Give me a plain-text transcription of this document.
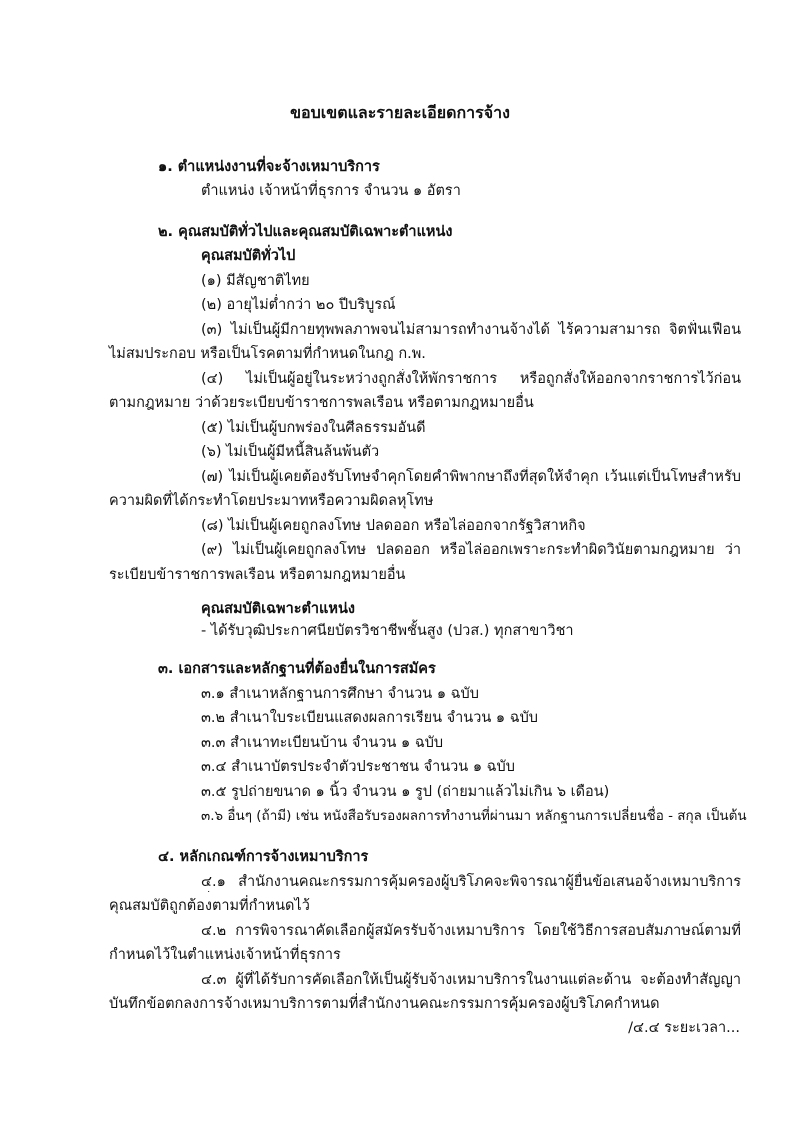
ขอบเขตและรายละเอียดการจ้าง
๑. ตำแหน่งงานที่จะจ้างเหมาบริการ
ตำแหน่ง เจ้าหน้าที่ธุรการ จำนวน ๑ อัตรา
๒. คุณสมบัติทั่วไปและคุณสมบัติเฉพาะตำแหน่ง
คุณสมบัติทั่วไป
(๑) มีสัญชาติไทย
(๒) อายุไม่ต่ำกว่า ๒๐ ปีบริบูรณ์
(๓) ไม่เป็นผู้มีกายทุพพลภาพจนไม่สามารถทำงานจ้างได้ ไร้ความสามารถ จิตฟั่นเฟือน
ไม่สมประกอบ หรือเป็นโรคตามที่กำหนดในกฎ ก.พ.
(๔) ไม่เป็นผู้อยู่ในระหว่างถูกสั่งให้พักราชการ หรือถูกสั่งให้ออกจากราชการไว้ก่อน
ตามกฎหมาย ว่าด้วยระเบียบข้าราชการพลเรือน หรือตามกฎหมายอื่น
(๕) ไม่เป็นผู้บกพร่องในศีลธรรมอันดี
(๖) ไม่เป็นผู้มีหนี้สินล้นพ้นตัว
(๗) ไม่เป็นผู้เคยต้องรับโทษจำคุกโดยคำพิพากษาถึงที่สุดให้จำคุก เว้นแต่เป็นโทษสำหรับ
ความผิดที่ได้กระทำโดยประมาทหรือความผิดลหุโทษ
(๘) ไม่เป็นผู้เคยถูกลงโทษ ปลดออก หรือไล่ออกจากรัฐวิสาหกิจ
(๙) ไม่เป็นผู้เคยถูกลงโทษ ปลดออก หรือไล่ออกเพราะกระทำผิดวินัยตามกฎหมาย ว่า
ระเบียบข้าราชการพลเรือน หรือตามกฎหมายอื่น
คุณสมบัติเฉพาะตำแหน่ง
- ได้รับวุฒิประกาศนียบัตรวิชาชีพชั้นสูง (ปวส.) ทุกสาขาวิชา
๓. เอกสารและหลักฐานที่ต้องยื่นในการสมัคร
๓.๑ สำเนาหลักฐานการศึกษา จำนวน ๑ ฉบับ
๓.๒ สำเนาใบระเบียนแสดงผลการเรียน จำนวน ๑ ฉบับ
๓.๓ สำเนาทะเบียนบ้าน จำนวน ๑ ฉบับ
๓.๔ สำเนาบัตรประจำตัวประชาชน จำนวน ๑ ฉบับ
๓.๕ รูปถ่ายขนาด ๑ นิ้ว จำนวน ๑ รูป (ถ่ายมาแล้วไม่เกิน ๖ เดือน)
๓.๖ อื่นๆ (ถ้ามี) เช่น หนังสือรับรองผลการทำงานที่ผ่านมา หลักฐานการเปลี่ยนชื่อ - สกุล เป็นต้น
๔. หลักเกณฑ์การจ้างเหมาบริการ
๔.๑ สำนักงานคณะกรรมการคุ้มครองผู้บริโภคจะพิจารณาผู้ยื่นข้อเสนอจ้างเหมาบริการ
คุณสมบัติถูกต้องตามที่กำหนดไว้
๔.๒ การพิจารณาคัดเลือกผู้สมัครรับจ้างเหมาบริการ โดยใช้วิธีการสอบสัมภาษณ์ตามที่
กำหนดไว้ในตำแหน่งเจ้าหน้าที่ธุรการ
๔.๓ ผู้ที่ได้รับการคัดเลือกให้เป็นผู้รับจ้างเหมาบริการในงานแต่ละด้าน จะต้องทำสัญญา
บันทึกข้อตกลงการจ้างเหมาบริการตามที่สำนักงานคณะกรรมการคุ้มครองผู้บริโภคกำหนด
/๔.๔ ระยะเวลา...
